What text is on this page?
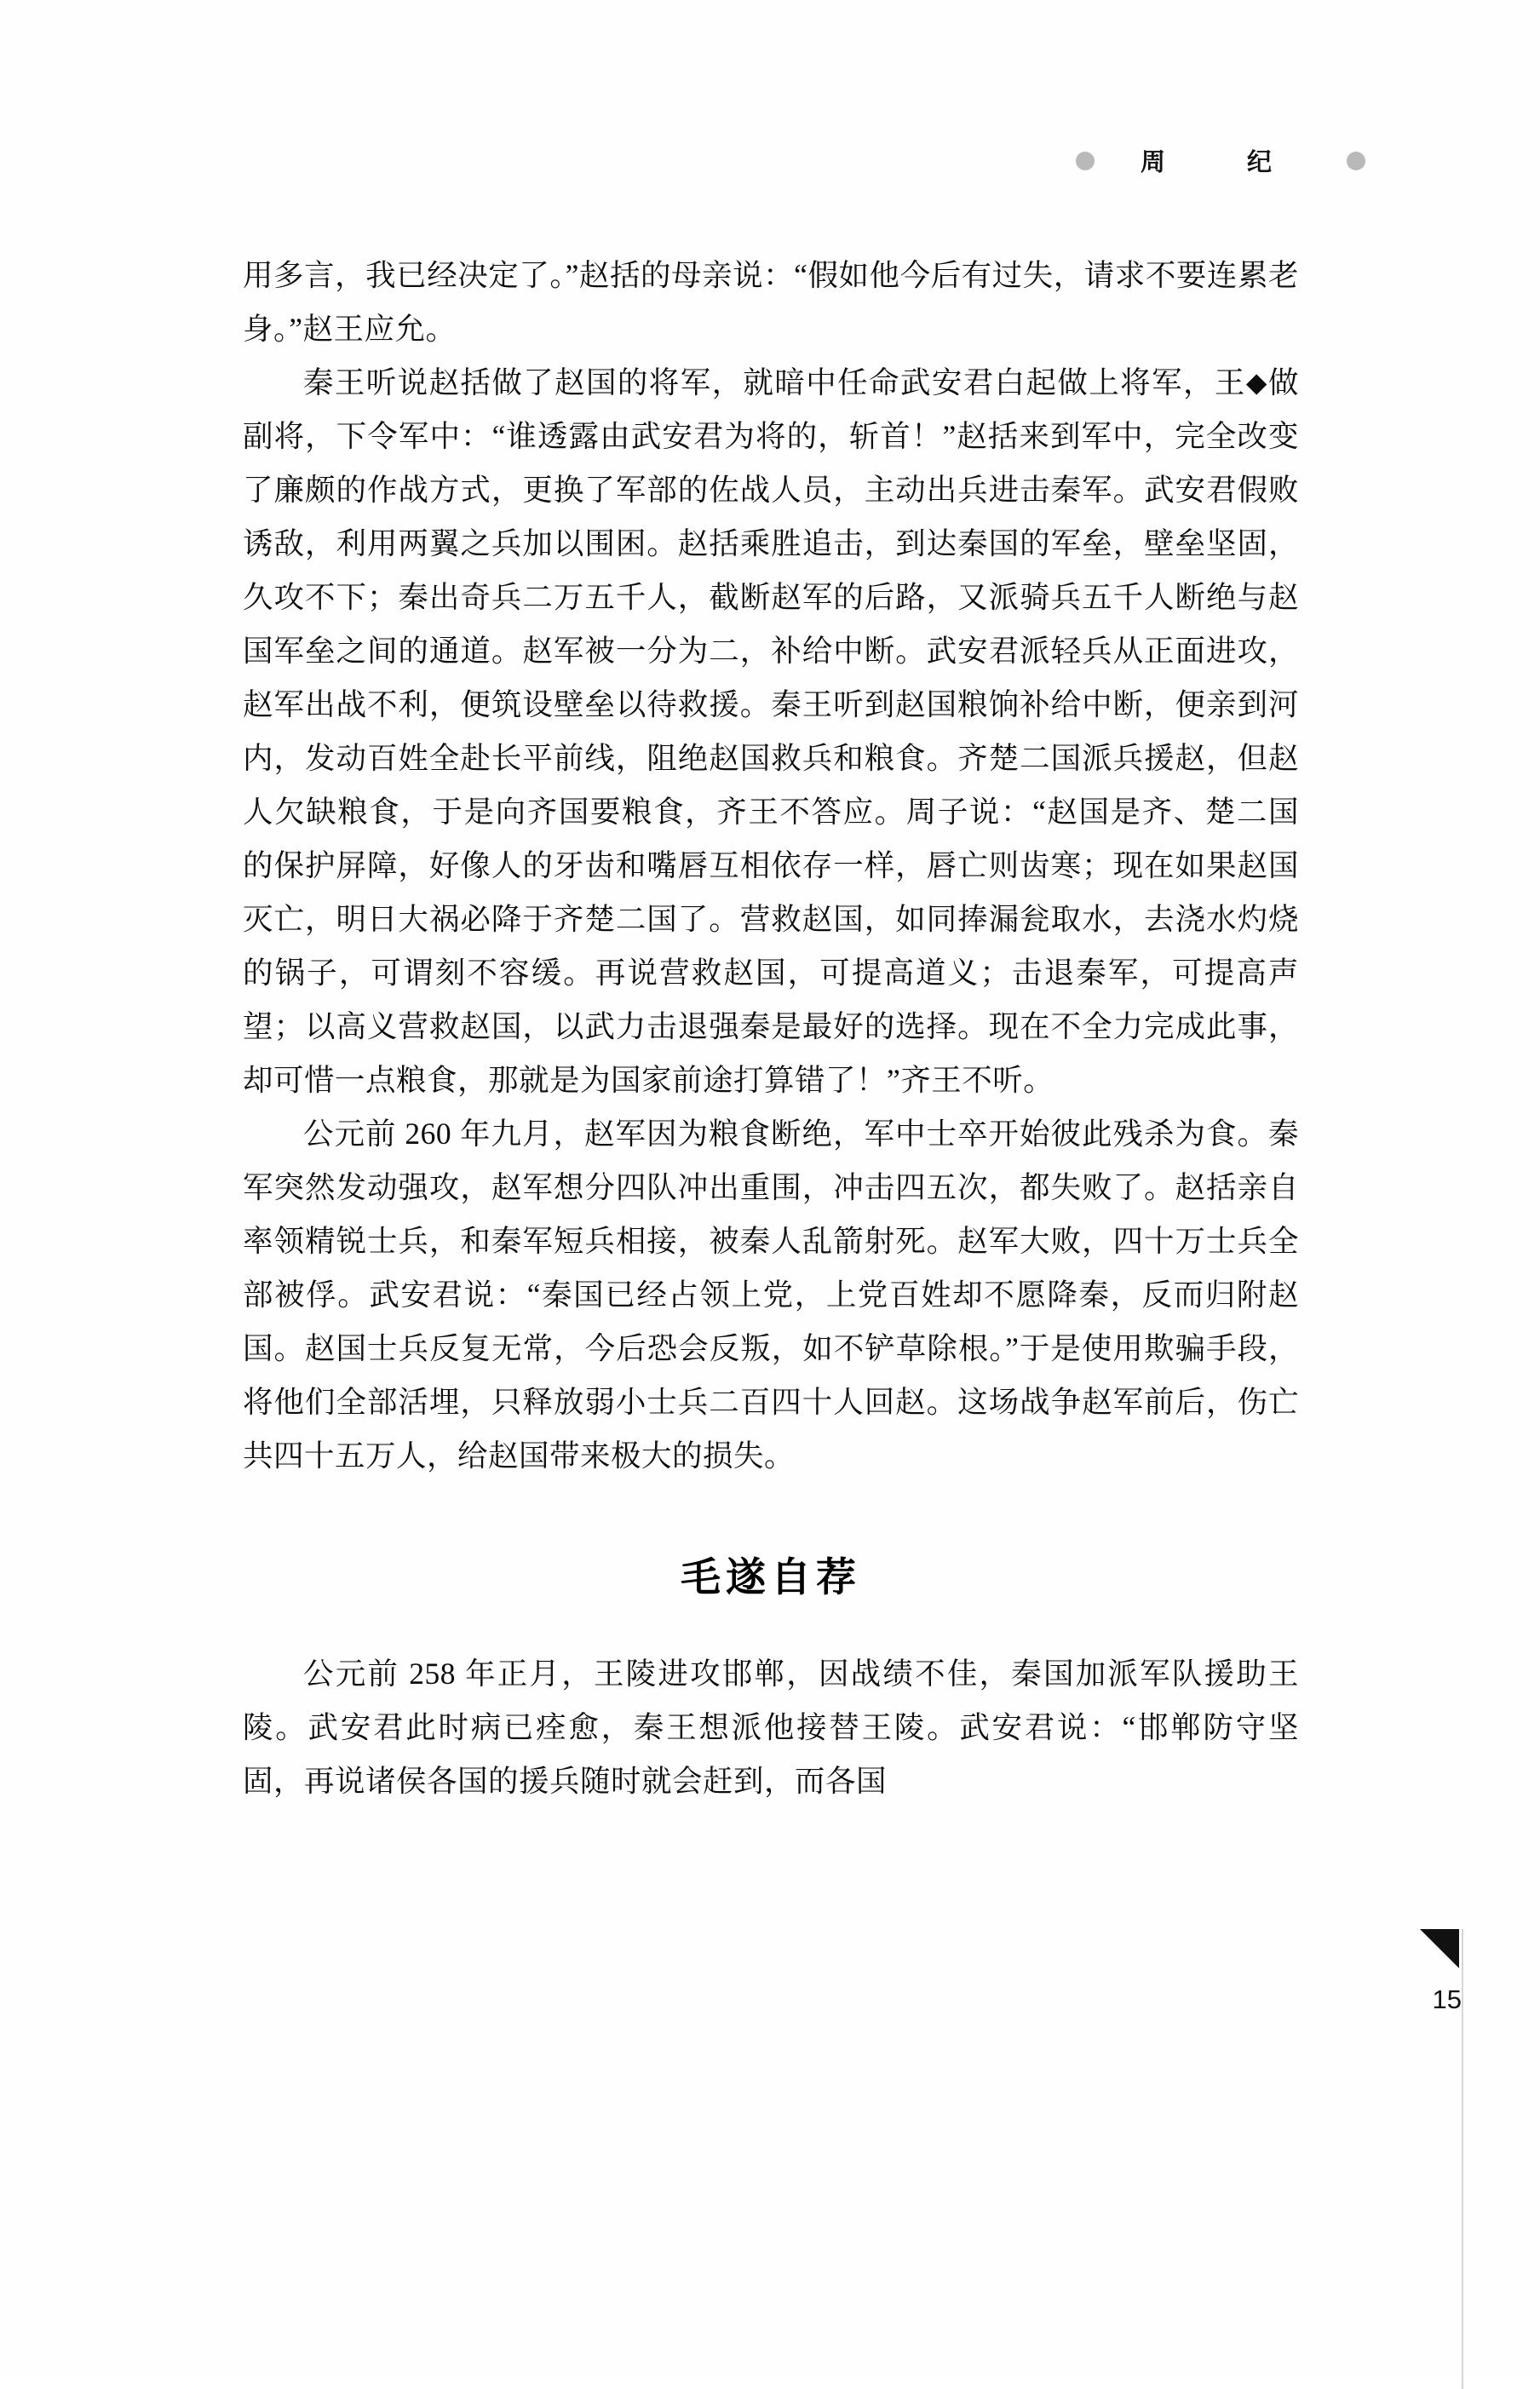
周 纪

用多言，我已经决定了。”赵括的母亲说：“假如他今后有过失，请求不要连累老身。”赵王应允。

秦王听说赵括做了赵国的将军，就暗中任命武安君白起做上将军，王⬥做副将，下令军中：“谁透露由武安君为将的，斩首！”赵括来到军中，完全改变了廉颇的作战方式，更换了军部的佐战人员，主动出兵进击秦军。武安君假败诱敌，利用两翼之兵加以围困。赵括乘胜追击，到达秦国的军垒，壁垒坚固，久攻不下；秦出奇兵二万五千人，截断赵军的后路，又派骑兵五千人断绝与赵国军垒之间的通道。赵军被一分为二，补给中断。武安君派轻兵从正面进攻，赵军出战不利，便筑设壁垒以待救援。秦王听到赵国粮饷补给中断，便亲到河内，发动百姓全赴长平前线，阻绝赵国救兵和粮食。齐楚二国派兵援赵，但赵人欠缺粮食，于是向齐国要粮食，齐王不答应。周子说：“赵国是齐、楚二国的保护屏障，好像人的牙齿和嘴唇互相依存一样，唇亡则齿寒；现在如果赵国灭亡，明日大祸必降于齐楚二国了。营救赵国，如同捧漏瓮取水，去浇水灼烧的锅子，可谓刻不容缓。再说营救赵国，可提高道义；击退秦军，可提高声望；以高义营救赵国，以武力击退强秦是最好的选择。现在不全力完成此事，却可惜一点粮食，那就是为国家前途打算错了！”齐王不听。

公元前 260 年九月，赵军因为粮食断绝，军中士卒开始彼此残杀为食。秦军突然发动强攻，赵军想分四队冲出重围，冲击四五次，都失败了。赵括亲自率领精锐士兵，和秦军短兵相接，被秦人乱箭射死。赵军大败，四十万士兵全部被俘。武安君说：“秦国已经占领上党，上党百姓却不愿降秦，反而归附赵国。赵国士兵反复无常，今后恐会反叛，如不铲草除根。”于是使用欺骗手段，将他们全部活埋，只释放弱小士兵二百四十人回赵。这场战争赵军前后，伤亡共四十五万人，给赵国带来极大的损失。

毛遂自荐

公元前 258 年正月，王陵进攻邯郸，因战绩不佳，秦国加派军队援助王陵。武安君此时病已痊愈，秦王想派他接替王陵。武安君说：“邯郸防守坚固，再说诸侯各国的援兵随时就会赶到，而各国

15
